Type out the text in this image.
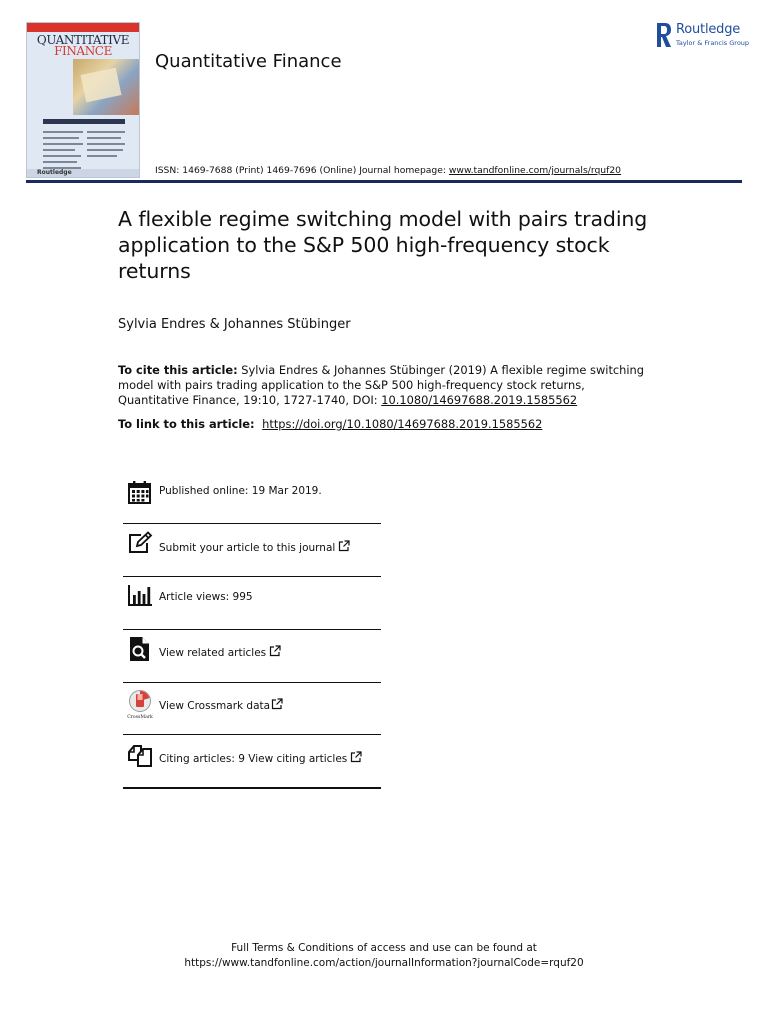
QUANTITATIVE
FINANCE
Routledge
Quantitative Finance
Routledge
Taylor & Francis Group
ISSN: 1469-7688 (Print) 1469-7696 (Online) Journal homepage: www.tandfonline.com/journals/rquf20
A flexible regime switching model with pairs trading application to the S&P 500 high-frequency stock returns
Sylvia Endres & Johannes Stübinger
To cite this article: Sylvia Endres & Johannes Stübinger (2019) A flexible regime switching model with pairs trading application to the S&P 500 high-frequency stock returns, Quantitative Finance, 19:10, 1727-1740, DOI: 10.1080/14697688.2019.1585562
To link to this article:  https://doi.org/10.1080/14697688.2019.1585562
Published online: 19 Mar 2019.
Submit your article to this journal
Article views: 995
View related articles
CrossMark
View Crossmark data
Citing articles: 9 View citing articles
Full Terms & Conditions of access and use can be found at
https://www.tandfonline.com/action/journalInformation?journalCode=rquf20
